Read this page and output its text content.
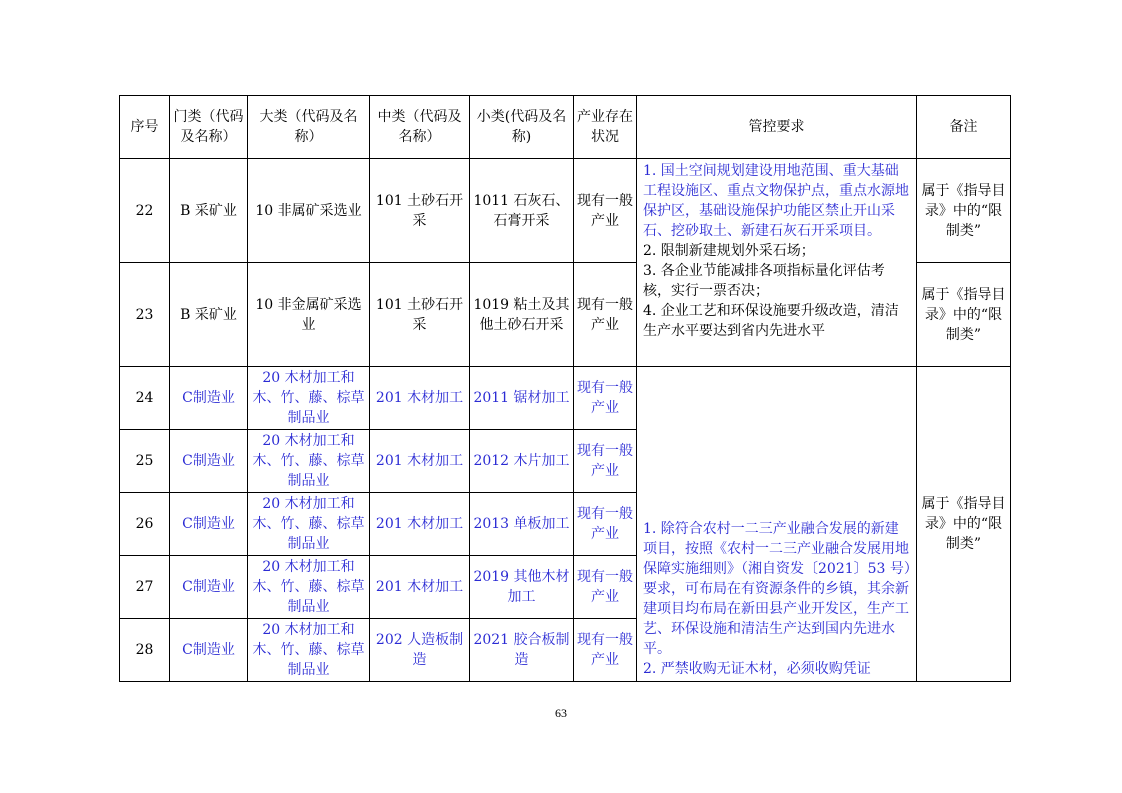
序号	门类（代码及名称）	大类（代码及名称）	中类（代码及名称）	小类(代码及名称)	产业存在状况	管控要求	备注
22	B 采矿业	10 非属矿采选业	101 土砂石开采	1011 石灰石、石膏开采	现有一般产业	1. 国土空间规划建设用地范围、重大基础工程设施区、重点文物保护点，重点水源地保护区，基础设施保护功能区禁止开山采石、挖砂取土、新建石灰石开采项目。
2. 限制新建规划外采石场；
3. 各企业节能减排各项指标量化评估考核，实行一票否决；
4. 企业工艺和环保设施要升级改造，清洁生产水平要达到省内先进水平	属于《指导目录》中的“限制类”
23	B 采矿业	10 非金属矿采选业	101 土砂石开采	1019 粘土及其他土砂石开采	现有一般产业		属于《指导目录》中的“限制类”
24	C制造业	20 木材加工和木、竹、藤、棕草制品业	201 木材加工	2011 锯材加工	现有一般产业	1. 除符合农村一二三产业融合发展的新建项目，按照《农村一二三产业融合发展用地保障实施细则》（湘自资发〔2021〕53 号）要求，可布局在有资源条件的乡镇，其余新建项目均布局在新田县产业开发区，生产工艺、环保设施和清洁生产达到国内先进水平。
2. 严禁收购无证木材，必须收购凭证	属于《指导目录》中的“限制类”
25	C制造业	20 木材加工和木、竹、藤、棕草制品业	201 木材加工	2012 木片加工	现有一般产业		
26	C制造业	20 木材加工和木、竹、藤、棕草制品业	201 木材加工	2013 单板加工	现有一般产业		
27	C制造业	20 木材加工和木、竹、藤、棕草制品业	201 木材加工	2019 其他木材加工	现有一般产业		
28	C制造业	20 木材加工和木、竹、藤、棕草制品业	202 人造板制造	2021 胶合板制造	现有一般产业		
63
